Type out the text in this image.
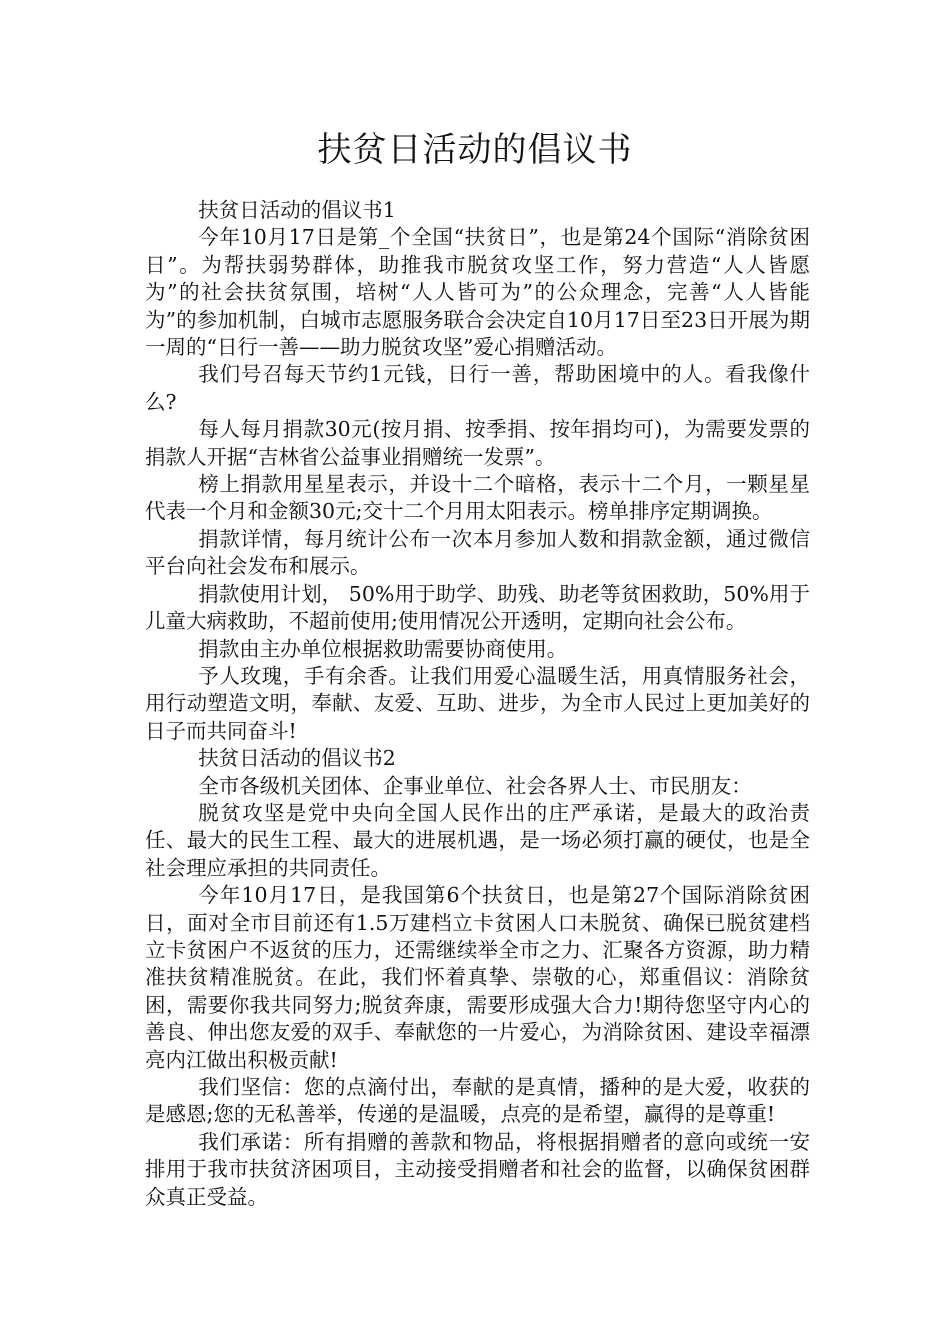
扶贫日活动的倡议书

扶贫日活动的倡议书1

今年10月17日是第_个全国“扶贫日”，也是第24个国际“消除贫困日”。为帮扶弱势群体，助推我市脱贫攻坚工作，努力营造“人人皆愿为”的社会扶贫氛围，培树“人人皆可为”的公众理念，完善“人人皆能为”的参加机制，白城市志愿服务联合会决定自10月17日至23日开展为期一周的“日行一善——助力脱贫攻坚”爱心捐赠活动。

我们号召每天节约1元钱，日行一善，帮助困境中的人。看我像什么?

每人每月捐款30元(按月捐、按季捐、按年捐均可)，为需要发票的捐款人开据“吉林省公益事业捐赠统一发票”。

榜上捐款用星星表示，并设十二个暗格，表示十二个月，一颗星星代表一个月和金额30元;交十二个月用太阳表示。榜单排序定期调换。

捐款详情，每月统计公布一次本月参加人数和捐款金额，通过微信平台向社会发布和展示。

捐款使用计划， 50%用于助学、助残、助老等贫困救助，50%用于儿童大病救助，不超前使用;使用情况公开透明，定期向社会公布。

捐款由主办单位根据救助需要协商使用。

予人玫瑰，手有余香。让我们用爱心温暖生活，用真情服务社会，用行动塑造文明，奉献、友爱、互助、进步，为全市人民过上更加美好的日子而共同奋斗!

扶贫日活动的倡议书2

全市各级机关团体、企事业单位、社会各界人士、市民朋友：

脱贫攻坚是党中央向全国人民作出的庄严承诺，是最大的政治责任、最大的民生工程、最大的进展机遇，是一场必须打赢的硬仗，也是全社会理应承担的共同责任。

今年10月17日，是我国第6个扶贫日，也是第27个国际消除贫困日，面对全市目前还有1.5万建档立卡贫困人口未脱贫、确保已脱贫建档立卡贫困户不返贫的压力，还需继续举全市之力、汇聚各方资源，助力精准扶贫精准脱贫。在此，我们怀着真挚、崇敬的心，郑重倡议：消除贫困，需要你我共同努力;脱贫奔康，需要形成强大合力!期待您坚守内心的善良、伸出您友爱的双手、奉献您的一片爱心，为消除贫困、建设幸福漂亮内江做出积极贡献!

我们坚信：您的点滴付出，奉献的是真情，播种的是大爱，收获的是感恩;您的无私善举，传递的是温暖，点亮的是希望，赢得的是尊重!

我们承诺：所有捐赠的善款和物品，将根据捐赠者的意向或统一安排用于我市扶贫济困项目，主动接受捐赠者和社会的监督，以确保贫困群众真正受益。
